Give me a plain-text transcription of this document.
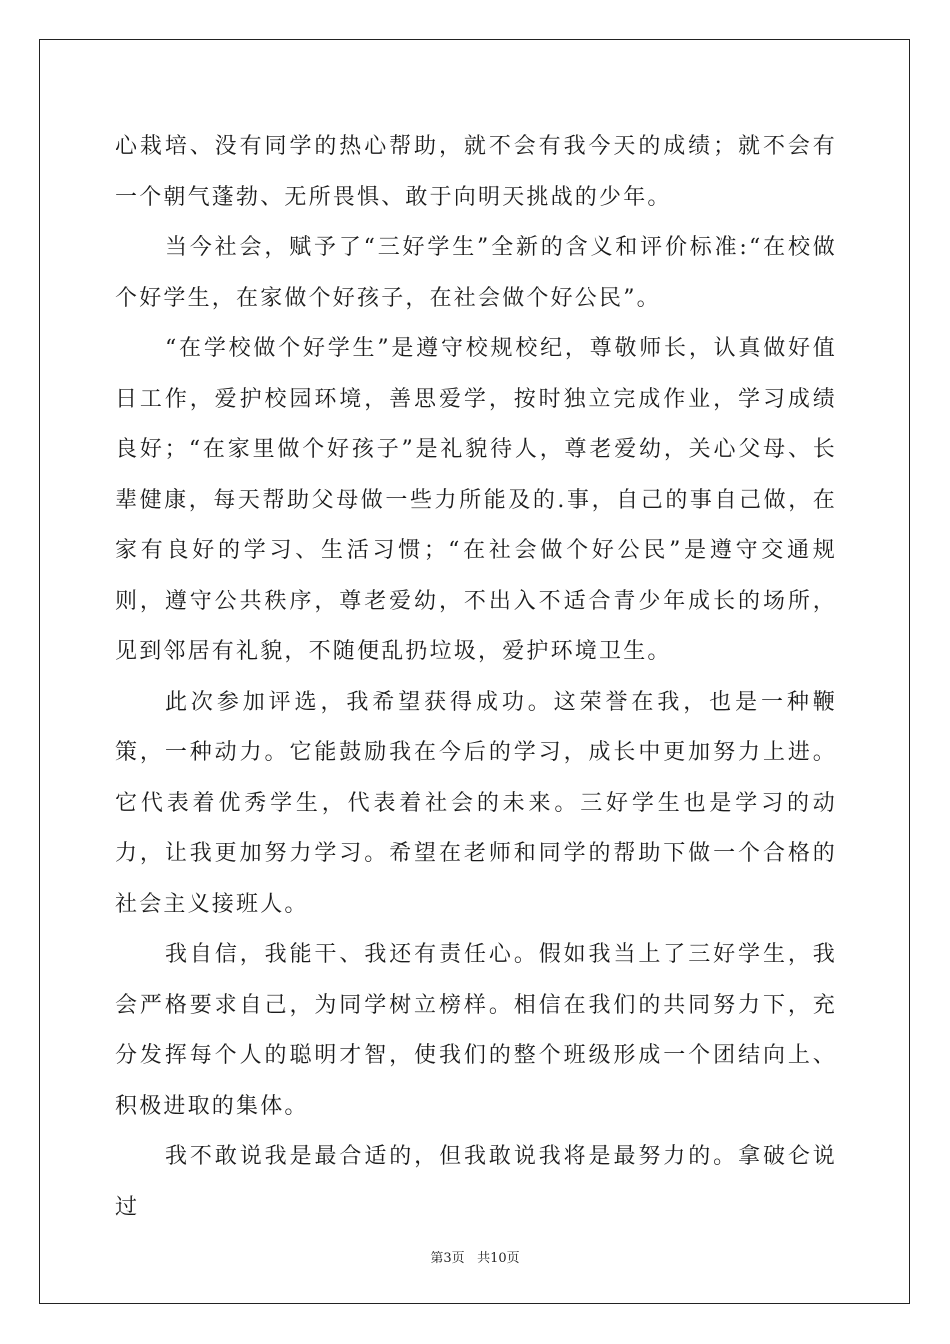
心栽培、没有同学的热心帮助，就不会有我今天的成绩；就不会有一个朝气蓬勃、无所畏惧、敢于向明天挑战的少年。

当今社会，赋予了“三好学生”全新的含义和评价标准:“在校做个好学生，在家做个好孩子，在社会做个好公民”。

“在学校做个好学生”是遵守校规校纪，尊敬师长，认真做好值日工作，爱护校园环境，善思爱学，按时独立完成作业，学习成绩良好；“在家里做个好孩子”是礼貌待人，尊老爱幼，关心父母、长辈健康，每天帮助父母做一些力所能及的.事，自己的事自己做，在家有良好的学习、生活习惯；“在社会做个好公民”是遵守交通规则，遵守公共秩序，尊老爱幼，不出入不适合青少年成长的场所，见到邻居有礼貌，不随便乱扔垃圾，爱护环境卫生。

此次参加评选，我希望获得成功。这荣誉在我，也是一种鞭策，一种动力。它能鼓励我在今后的学习，成长中更加努力上进。它代表着优秀学生，代表着社会的未来。三好学生也是学习的动力，让我更加努力学习。希望在老师和同学的帮助下做一个合格的社会主义接班人。

我自信，我能干、我还有责任心。假如我当上了三好学生，我会严格要求自己，为同学树立榜样。相信在我们的共同努力下，充分发挥每个人的聪明才智，使我们的整个班级形成一个团结向上、积极进取的集体。

我不敢说我是最合适的，但我敢说我将是最努力的。拿破仑说过

第3页 共10页
